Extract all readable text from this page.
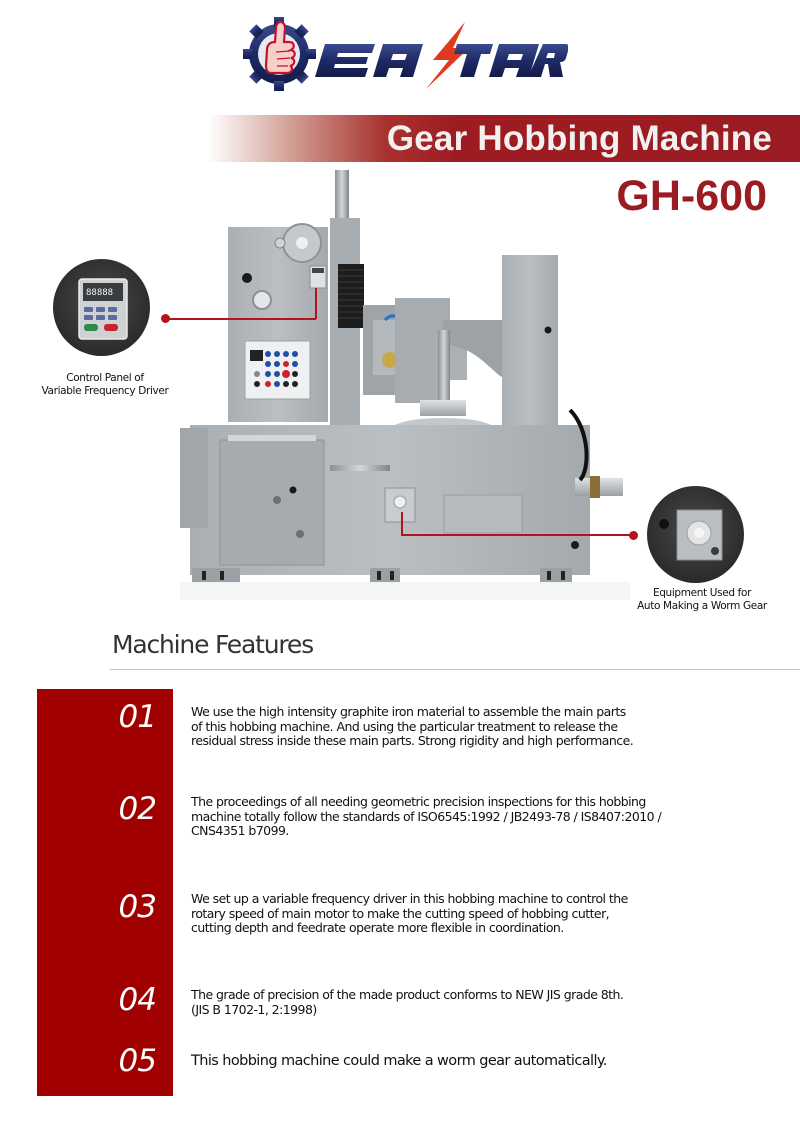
Gear Hobbing Machine
GH-600
88888
Control Panel of
Variable Frequency Driver
Equipment Used for
Auto Making a Worm Gear
Machine Features
01	We use the high intensity graphite iron material to assemble the main parts
of this hobbing machine. And using the particular treatment to release the
residual stress inside these main parts. Strong rigidity and high performance.
02	The proceedings of all needing geometric precision inspections for this hobbing
machine totally follow the standards of ISO6545:1992 / JB2493-78 / IS8407:2010 /
CNS4351 b7099.
03	We set up a variable frequency driver in this hobbing machine to control the
rotary speed of main motor to make the cutting speed of hobbing cutter,
cutting depth and feedrate operate more flexible in coordination.
04	The grade of precision of the made product conforms to NEW JIS grade 8th.
(JIS B 1702-1, 2:1998)
05 This hobbing machine could make a worm gear automatically.
